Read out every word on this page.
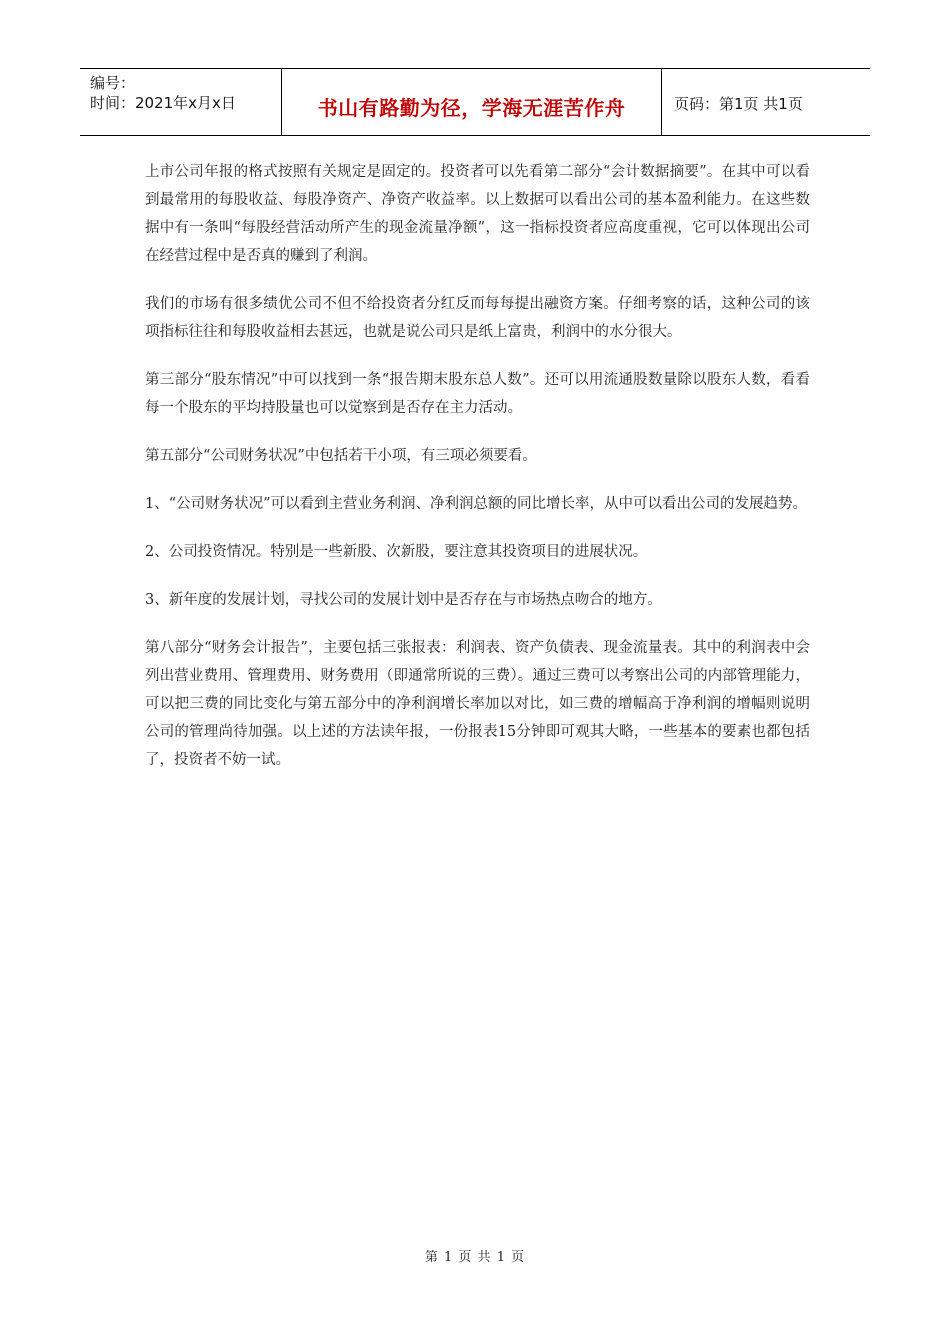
编号：
时间：2021年x月x日	书山有路勤为径，学海无涯苦作舟	页码：第1页 共1页

上市公司年报的格式按照有关规定是固定的。投资者可以先看第二部分“会计数据摘要”。在其中可以看到最常用的每股收益、每股净资产、净资产收益率。以上数据可以看出公司的基本盈利能力。在这些数据中有一条叫“每股经营活动所产生的现金流量净额”，这一指标投资者应高度重视，它可以体现出公司在经营过程中是否真的赚到了利润。

我们的市场有很多绩优公司不但不给投资者分红反而每每提出融资方案。仔细考察的话，这种公司的该项指标往往和每股收益相去甚远，也就是说公司只是纸上富贵，利润中的水分很大。

第三部分“股东情况”中可以找到一条“报告期末股东总人数”。还可以用流通股数量除以股东人数，看看每一个股东的平均持股量也可以觉察到是否存在主力活动。

第五部分“公司财务状况”中包括若干小项，有三项必须要看。

1、“公司财务状况”可以看到主营业务利润、净利润总额的同比增长率，从中可以看出公司的发展趋势。

2、公司投资情况。特别是一些新股、次新股，要注意其投资项目的进展状况。

3、新年度的发展计划，寻找公司的发展计划中是否存在与市场热点吻合的地方。

第八部分“财务会计报告”，主要包括三张报表：利润表、资产负债表、现金流量表。其中的利润表中会列出营业费用、管理费用、财务费用（即通常所说的三费）。通过三费可以考察出公司的内部管理能力，可以把三费的同比变化与第五部分中的净利润增长率加以对比，如三费的增幅高于净利润的增幅则说明公司的管理尚待加强。以上述的方法读年报，一份报表15分钟即可观其大略，一些基本的要素也都包括了，投资者不妨一试。

第 1 页 共 1 页
